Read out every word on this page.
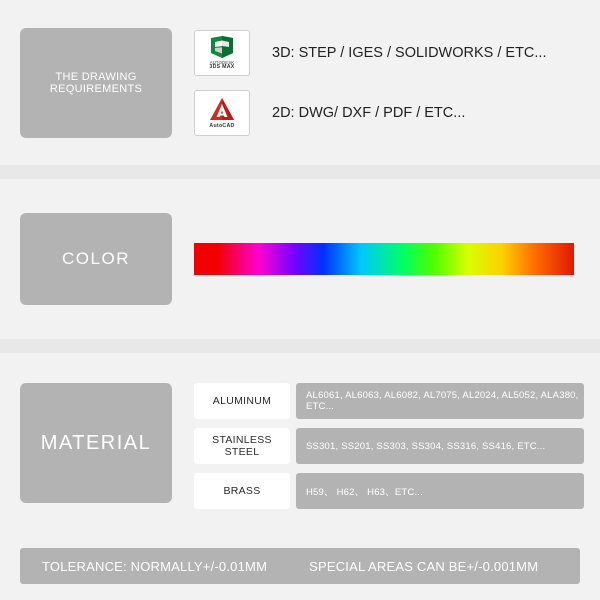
THE DRAWING REQUIREMENTS
AUTODESK
3DS MAX
3D: STEP / IGES / SOLIDWORKS / ETC...
AutoCAD
2D: DWG/ DXF / PDF / ETC...
COLOR
MATERIAL
ALUMINUM	AL6061, AL6063, AL6082, AL7075, AL2024, AL5052, ALA380, ETC...
STAINLESS STEEL	SS301, SS201, SS303, SS304, SS316, SS416, ETC...
BRASS	H59、 H62、 H63、ETC...
TOLERANCE: NORMALLY+/-0.01MM	SPECIAL AREAS CAN BE+/-0.001MM
